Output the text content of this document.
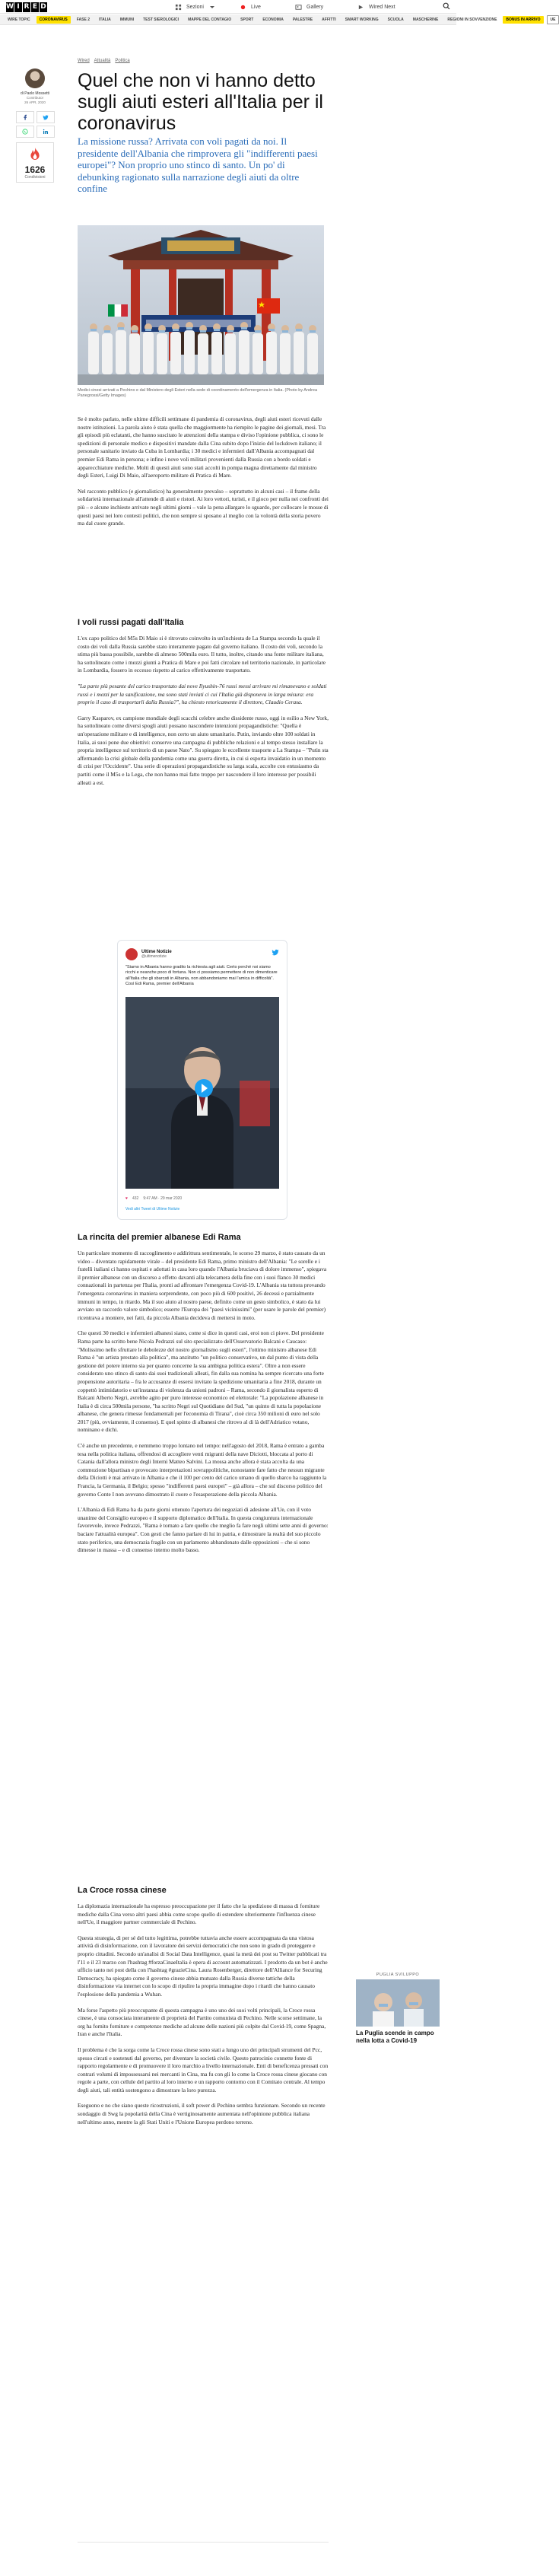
W I R E D	Sezioni	Live	Gallery	Wired Next
WIRE TOPIC	CORONAVIRUS	FASE 2	ITALIA	IMMUNI	TEST SIEROLOGICI	MAPPE DEL CONTAGIO	SPORT	ECONOMIA	PALESTRE	AFFITTI	SMART WORKING	SCUOLA	MASCHERINE	REGIONI IN SOVVENZIONE	BONUS IN ARRIVO	UE
Wired Attualità Politica
di Paolo Mossetti
Contributor
26 APR, 2020
1626
Condivisioni
Quel che non vi hanno detto sugli aiuti esteri all'Italia per il coronavirus
La missione russa? Arrivata con voli pagati da noi. Il presidente dell'Albania che rimprovera gli "indifferenti paesi europei"? Non proprio uno stinco di santo. Un po' di debunking ragionato sulla narrazione degli aiuti da oltre confine
Medici cinesi arrivati a Pechino e dal Ministero degli Esteri nella sede di coordinamento dell'emergenza in Italia. (Photo by Andrea Panegrossi/Getty Images)

Se è molto parlato, nelle ultime difficili settimane di pandemia di coronavirus, degli aiuti esteri ricevuti dalle nostre istituzioni. La parola aiuto è stata quella che maggiormente ha riempito le pagine dei giornali, mesi. Tra gli episodi più eclatanti, che hanno suscitato le attenzioni della stampa e diviso l'opinione pubblica, ci sono le spedizioni di personale medico e dispositivi mandate dalla Cina subito dopo l'inizio del lockdown italiano; il personale sanitario inviato da Cuba in Lombardia; i 30 medici e infermieri dall'Albania accompagnati dal premier Edi Rama in persona; e infine i nove voli militari provenienti dalla Russia con a bordo soldati e apparecchiature mediche. Molti di questi aiuti sono stati accolti in pompa magna direttamente dal ministro degli Esteri, Luigi Di Maio, all'aeroporto militare di Pratica di Mare.

Nel racconto pubblico (e giornalistico) ha generalmente prevalso – soprattutto in alcuni casi – il frame della solidarietà internazionale all'attende di aiuti e ristori. Ai loro vettori, turisti, e il gioco per nulla nei confronti dei più – e alcune inchieste arrivate negli ultimi giorni – vale la pena allargare lo sguardo, per collocare le mosse di questi paesi nei loro contesti politici, che non sempre si sposano al meglio con la volontà della storia povero ma dal cuore grande.

I voli russi pagati dall'Italia

L'ex capo politico del M5s Di Maio si è ritrovato coinvolto in un'inchiesta de La Stampa secondo la quale il costo dei voli dalla Russia sarebbe stato interamente pagato dal governo italiano. Il costo dei voli, secondo la stima più bassa possibile, sarebbe di almeno 500mila euro. Il tutto, inoltre, citando una fonte militare italiana, ha sottolineato come i mezzi giunti a Pratica di Mare e poi fatti circolare nel territorio nazionale, in particolare in Lombardia, fossero in eccesso rispetto al carico effettivamente trasportato.

"La parte più pesante del carico trasportato dai nove Ilyushin-76 russi messi arrivare mi rimanevano e soldati russi e i mezzi per la sanificazione, ma sono stati inviati ci cui l'Italia già disponeva in larga misura: era proprio il caso di trasportarli dalla Russia?", ha chiesto retoricamente il direttore, Claudio Cerasa.

Garry Kasparov, ex campione mondiale degli scacchi celebre anche dissidente russo, oggi in esilio a New York, ha sottolineato come diversi spogli aiuti possano nascondere intenzioni propagandistiche: "Quella è un'operazione militare e di intelligence, non certo un aiuto umanitario. Putin, inviando oltre 100 soldati in Italia, ai suoi pone due obiettivi: conserve una campagna di pubbliche relazioni e al tempo stesso installare la propria intelligence sul territorio di un paese Nato". Su spiegato le eccellente trasporte a La Stampa – "Putin sta affermando la crisi globale della pandemia come una guerra diretta, in cui si esporta invaidatio in un momento di crisi per l'Occidente". Una serie di operazioni propagandistiche su larga scala, accolte con entusiasmo da partiti come il M5s e la Lega, che non hanno mai fatto troppo per nascondere il loro interesse per possibili alleati a est.

Ultime Notizie
@ultimenotizie
"Siamo in Albania hanno gradito la richiesta agli aiuti. Certo perché noi siamo ricchi e neanche poco di fortuna. Non ci possiamo permettere di non dimenticare all'Italia che gli sbarcati in Albania, non abbandoniamo mai l'amica in difficoltà". Così Edi Rama, premier dell'Albania
♥ 432 9:47 AM · 29 mar 2020
Vedi altri Tweet di Ultime Notizie
La rincita del premier albanese Edi Rama

Un particolare momento di raccoglimento e addirittura sentimentale, lo scorso 29 marzo, è stato causato da un video – diventato rapidamente virale – del presidente Edi Rama, primo ministro dell'Albania: "Le sorelle e i fratelli italiani ci hanno ospitati e adottati in casa loro quando l'Albania bruciava di dolore immenso", spiegava il premier albanese con un discorso a effetto davanti alla telecamera della fine con i suoi flanco 30 medici connazionali in partenza per l'Italia, pronti ad affrontare l'emergenza Covid-19. L'Albania sta tuttora provando l'emergenza coronavirus in maniera sorprendente, con poco più di 600 positivi, 26 decessi e parzialmente immuni in tempo, in ritardo. Ma il suo aiuto al nostro paese, definito come un gesto simbolico, è stato da lui avviato un raccordo valore simbolico; esserre l'Europa dei "paesi vicinissimi" (per usare le parole del premier) ricentrava a moniere, nei fatti, da piccola Albania decideva di mettersi in moto.

Che questi 30 medici e infermieri albanesi siano, come si dice in questi casi, eroi non ci piove. Del presidente Rama parte ha scritto bene Nicola Pedrazzi sul sito specializzato dell'Osservatorio Balcani e Caucaso: "Molissimo nello sfruttare le debolezze del nostro giornalismo sugli esteri", l'ottimo ministro albanese Edi Rama è "un artista prestato alla politica", ma anzitutto "un politico conservativo, un dal punto di vista della gestione del potere interno sia per quanto concerne la sua ambigua politica estera". Oltre a non essere considerato uno stinco di santo dai suoi tradizionali alleati, fin dalla sua nomina ha sempre ricercato una forte propensione autoritaria – fra le accusanze di essersi invitato la spedizione umanitaria a fine 2018, durante un coppettò intimidatorio e un'instanza di violenza da unioni padroni – Rama, secondo il giornalista esperto di Balcani Alberto Negri, avrebbe agito per puro interesse economico ed elettorale: "La popolazione albanese in Italia è di circa 500mila persone, "ha scritto Negri sul Quotidiano del Sud, "un quinto di tutta la popolazione albanese, che genera rimesse fondamentali per l'economia di Tirana", cioè circa 350 milioni di euro nel solo 2017 (più, ovviamente, il consenso). E quel spinto di albanesi che ritrovo al di là dell'Adriatico votano, nominano e dichi.

C'è anche un precedente, e nemmeno troppo lontano nel tempo: nell'agosto del 2018, Rama è entrato a gamba tesa nella politica italiana, offrendosi di accogliere venti migranti della nave Diciotti, bloccata al porto di Catania dall'allora ministro degli Interni Matteo Salvini. La mossa anche allora è stata accolta da una commozione bipartisan e provocato interpretazioni sovrappolitiche, nonostante fare fatto che nessun migrante della Diciotti è mai arrivato in Albania e che il 100 per cento del carico umano di quello sbarco ha raggiunto la Francia, la Germania, il Belgio; spesso "indifferenti paesi europei" – già allora – che sul discorso politico del governo Conte I non avevano dimostrato il cuore e l'esasperazione della piccola Albania.

L'Albania di Edi Rama ha da parte giorni ottenuto l'apertura dei negoziati di adesione all'Ue, con il voto unanime del Consiglio europeo e il supporto diplomatico dell'Italia. In questa congiuntura internazionale favorevole, invece Pedrazzi, "Rama è tornato a fare quello che meglio fa fare negli ultimi sette anni di governo: baciare l'attualità europea". Con gesti che fanno parlare di lui in patria, e dimostrare la realtà del suo piccolo stato periferico, una democrazia fragile con un parlamento abbandonato dalle opposizioni – che si sono dimesse in massa – e di consenso interno molto basso.

La Croce rossa cinese

La diplomazia internazionale ha espresso preoccupazione per il fatto che la spedizione di massa di forniture mediche dalla Cina verso altri paesi abbia come scopo quello di estendere ulteriormente l'influenza cinese nell'Ue, il maggiore partner commerciale di Pechino.

Questa strategia, di per sé del tutto legittima, potrebbe tuttavia anche essere accompagnata da una vistosa attività di disinformazione, con il lavoratore dei servizi democratici che non sono in grado di proteggere e proprio cittadini. Secondo un'analisi di Social Data Intelligence, quasi la metà dei post su Twitter pubblicati tra l'11 e il 23 marzo con l'hashtag #forzaCinaeItalia è opera di account automatizzati. I prodotto da un bot è anche ufficio tanto nei post della con l'hashtag #grazieCina. Laura Rosenberger, direttore dell'Alliance for Securing Democracy, ha spiegato come il governo cinese abbia mutuato dalla Russia diverse tattiche della disinformazione via internet con lo scopo di ripulire la propria immagine dopo i ritardi che hanno causato l'esplosione della pandemia a Wuhan.

Ma forse l'aspetto più preoccupante di questa campagna è uno uno dei suoi volti principali, la Croce rossa cinese, è una consociata interamente di proprietà del Partito comunista di Pechino. Nelle scorse settimane, la org ha fornito forniture e competenze mediche ad alcune delle nazioni più colpite dal Covid-19, come Spagna, Iran e anche l'Italia.

Il problema è che la sorga come la Croce rossa cinese sono stati a lungo uno dei principali strumenti del Pcc, spesso circati e sostenuti dal governo, per diventare la società civile. Questo patrocinio connette fonte di rapporto regolarmente e di promuovere il loro marchio a livello internazionale. Enti di beneficenza pressati con contrari volumi di impossessarsi nei mercanti in Cina, ma fu con gli lo come la Croce rossa cinese giocano con regole a parte, con cellule del partito al loro interno e un rapporto contorno con il Comitato centrale. Al tempo degli aiuti, tali entità sostengono a dimostrare la loro purezza.

Eseguono e no che siano queste ricostruzioni, il soft power di Pechino sembra funzionare. Secondo un recente sondaggio di Swg la popolarità della Cina è vertiginosamente aumentata nell'opinione pubblica italiana nell'ultimo anno, mentre la gli Stati Uniti e l'Unione Europea perdono terreno.

PUGLIA SVILUPPO
La Puglia scende in campo nella lotta a Covid-19
